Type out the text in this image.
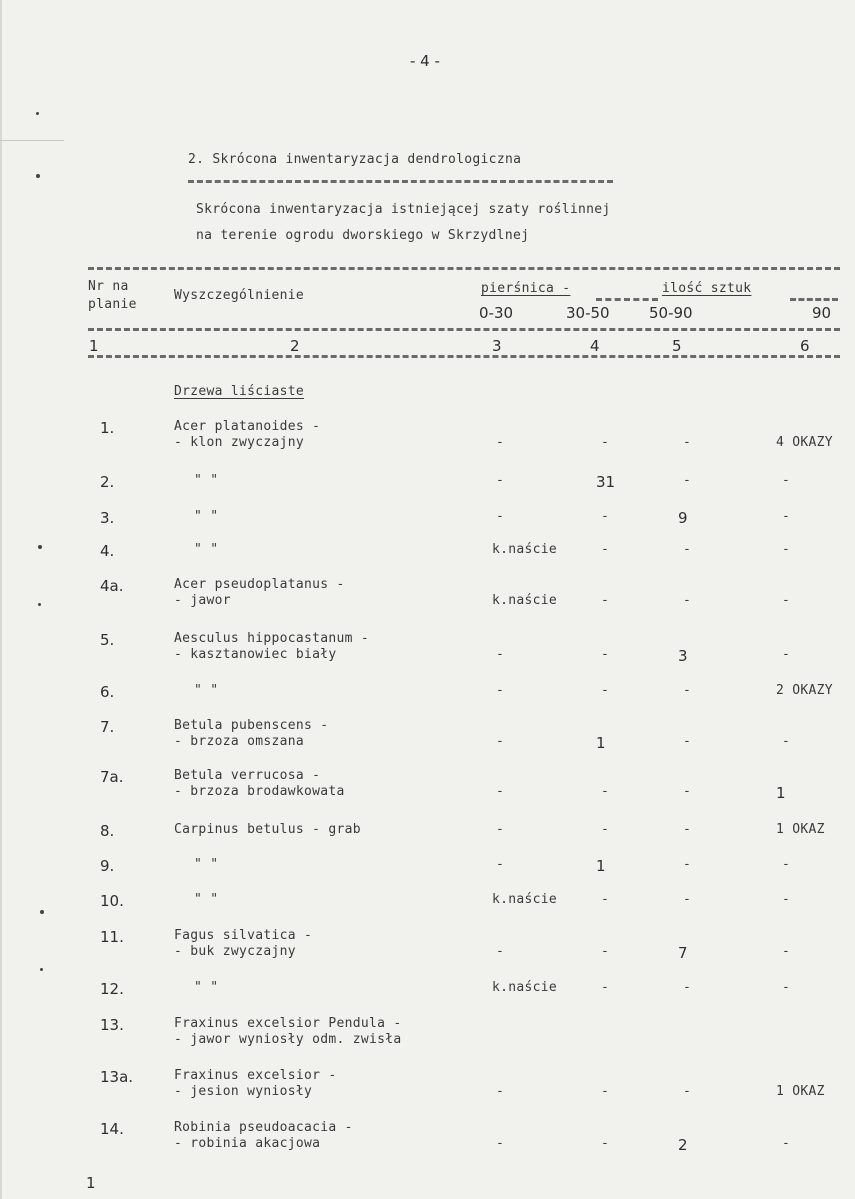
- 4 -
2. Skrócona inwentaryzacja dendrologiczna
Skrócona inwentaryzacja istniejącej szaty roślinnej
na terenie ogrodu dworskiego w Skrzydlnej
Nr na
planie
Wyszczególnienie	pierśnica -	ilość sztuk
0-30	30-50	50-90	90
1	2	3	4	5	6
Drzewa liściaste
1.	Acer platanoides -
- klon zwyczajny	-	-	-	4 OKAZY
2.	" "	-	31	-	-
3.	" "	-	-	9	-
4.	" "	k.naście	-	-	-
4a.	Acer pseudoplatanus -
- jawor	k.naście	-	-	-
5.	Aesculus hippocastanum -
- kasztanowiec biały	-	-	3	-
6.	" "	-	-	-	2 OKAZY
7.	Betula pubenscens -
- brzoza omszana	-	1	-	-
7a.	Betula verrucosa -
- brzoza brodawkowata	-	-	-	1
8.	Carpinus betulus - grab	-	-	-	1 OKAZ
9.	" "	-	1	-	-
10.	" "	k.naście	-	-	-
11.	Fagus silvatica -
- buk zwyczajny	-	-	7	-
12.	" "	k.naście	-	-	-
13.	Fraxinus excelsior Pendula -
- jawor wyniosły odm. zwisła
13a.	Fraxinus excelsior -
- jesion wyniosły	-	-	-	1 OKAZ
14.	Robinia pseudoacacia -
- robinia akacjowa	-	-	2	-
1
